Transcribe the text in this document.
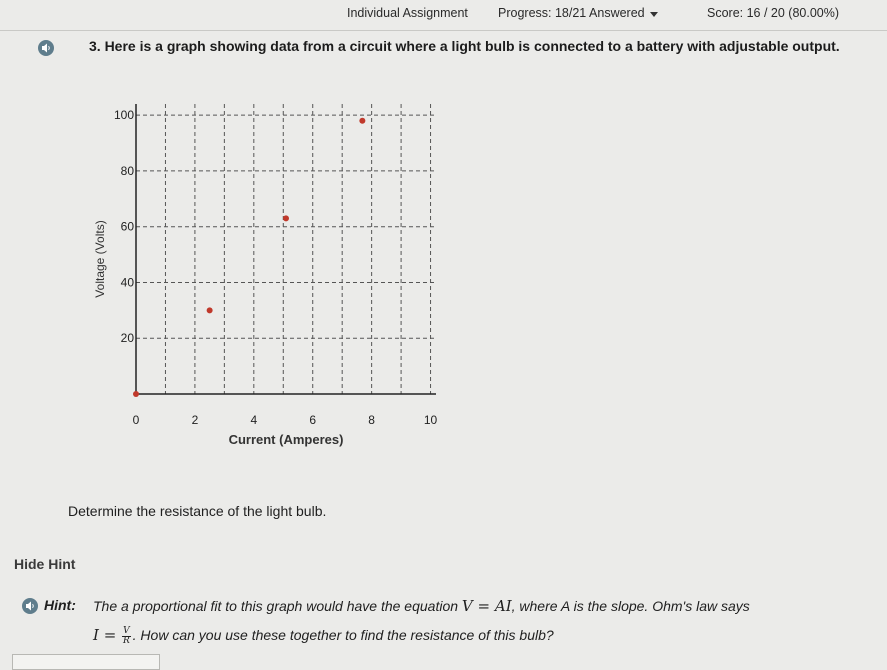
Individual Assignment Progress: 18/21 Answered	Score: 16 / 20 (80.00%)
3. Here is a graph showing data from a circuit where a light bulb is connected to a battery with adjustable output.
0	2	4	6	8	10
20
40
60
80
100
Current (Amperes)
Voltage (Volts)
Determine the resistance of the light bulb.
Hide Hint
Hint: The a proportional fit to this graph would have the equation V = AI, where A is the slope. Ohm's law says
$I = \frac{V}{R}$ . How can you use these together to find the resistance of this bulb?
